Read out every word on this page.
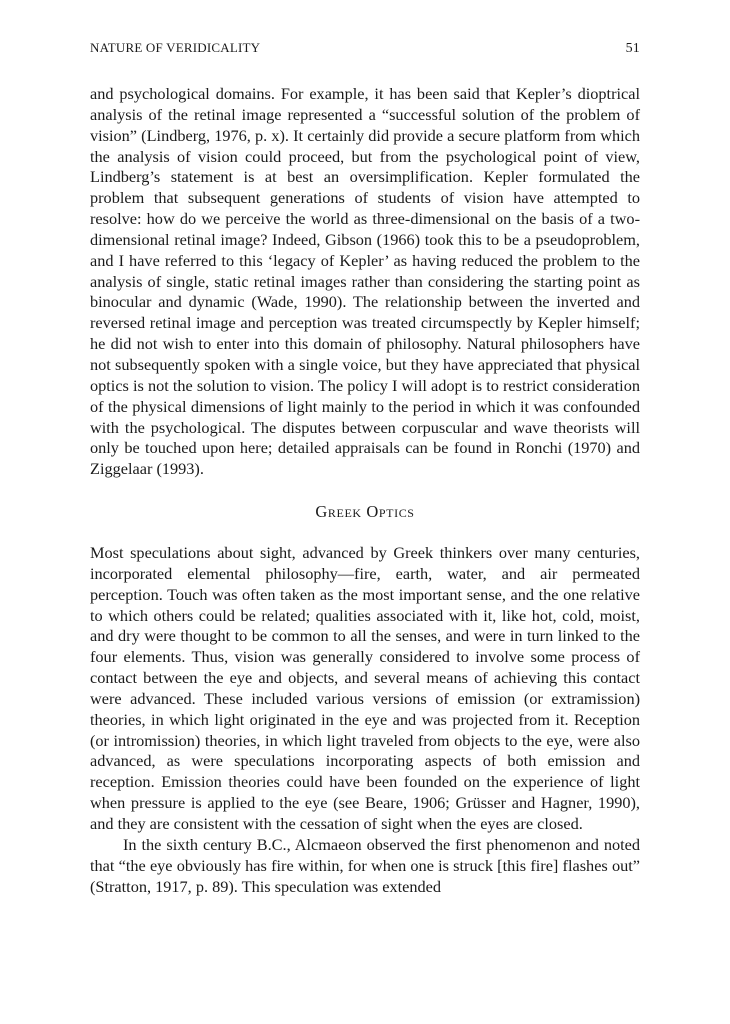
NATURE OF VERIDICALITY	51

and psychological domains. For example, it has been said that Kepler’s dioptrical analysis of the retinal image represented a “successful solution of the problem of vision” (Lindberg, 1976, p. x). It certainly did provide a secure platform from which the analysis of vision could proceed, but from the psychological point of view, Lindberg’s statement is at best an oversimplification. Kepler formulated the problem that subsequent generations of students of vision have attempted to resolve: how do we perceive the world as three-dimensional on the basis of a two-dimensional retinal image? Indeed, Gibson (1966) took this to be a pseudoproblem, and I have referred to this ‘legacy of Kepler’ as having reduced the problem to the analysis of single, static retinal images rather than considering the starting point as binocular and dynamic (Wade, 1990). The relationship between the inverted and reversed retinal image and perception was treated circumspectly by Kepler himself; he did not wish to enter into this domain of philosophy. Natural philosophers have not subsequently spoken with a single voice, but they have appreciated that physical optics is not the solution to vision. The policy I will adopt is to restrict consideration of the physical dimensions of light mainly to the period in which it was confounded with the psychological. The disputes between corpuscular and wave theorists will only be touched upon here; detailed appraisals can be found in Ronchi (1970) and Ziggelaar (1993).

Greek Optics

Most speculations about sight, advanced by Greek thinkers over many centuries, incorporated elemental philosophy—fire, earth, water, and air permeated perception. Touch was often taken as the most important sense, and the one relative to which others could be related; qualities associated with it, like hot, cold, moist, and dry were thought to be common to all the senses, and were in turn linked to the four elements. Thus, vision was generally considered to involve some process of contact between the eye and objects, and several means of achieving this contact were advanced. These included various versions of emission (or extramission) theories, in which light originated in the eye and was projected from it. Reception (or intromission) theories, in which light traveled from objects to the eye, were also advanced, as were speculations incorporating aspects of both emission and reception. Emission theories could have been founded on the experience of light when pressure is applied to the eye (see Beare, 1906; Grüsser and Hagner, 1990), and they are consistent with the cessation of sight when the eyes are closed.

In the sixth century B.C., Alcmaeon observed the first phenomenon and noted that “the eye obviously has fire within, for when one is struck [this fire] flashes out” (Stratton, 1917, p. 89). This speculation was extended
